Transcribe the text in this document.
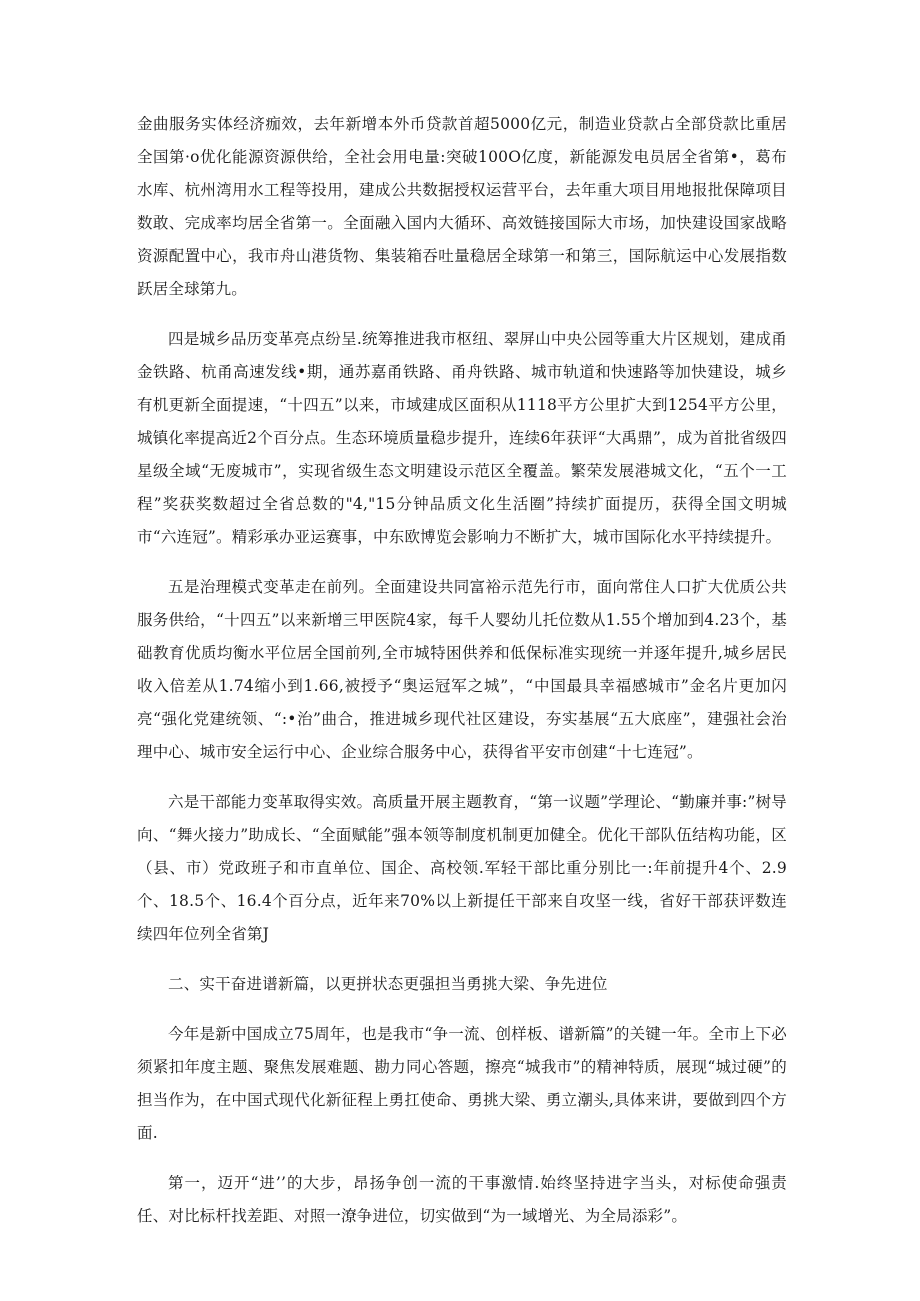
金曲服务实体经济痂效，去年新增本外币贷款首超5000亿元，制造业贷款占全部贷款比重居全国第·o优化能源资源供给，全社会用电量:突破100O亿度，新能源发电员居全省第•，葛布水库、杭州湾用水工程等投用，建成公共数据授权运营平台，去年重大项目用地报批保障项目数敢、完成率均居全省第一。全面融入国内大循环、高效链接国际大市场，加快建设国家战略资源配置中心，我市舟山港货物、集装箱吞吐量稳居全球第一和第三，国际航运中心发展指数跃居全球第九。

四是城乡品历变革亮点纷呈.统筹推进我市枢纽、翠屏山中央公园等重大片区规划，建成甬金铁路、杭甬高速发线•期，通苏嘉甬铁路、甬舟铁路、城市轨道和快速路等加快建设，城乡有机更新全面提速，“十四五”以来，市域建成区面积从1118平方公里扩大到1254平方公里，城镇化率提高近2个百分点。生态环境质量稳步提升，连续6年获评“大禹鼎”，成为首批省级四星级全域“无废城市”，实现省级生态文明建设示范区全覆盖。繁荣发展港城文化，“五个一工程”奖获奖数超过全省总数的"4,"15分钟品质文化生活圈”持续扩面提历，获得全国文明城市“六连冠”。精彩承办亚运赛事，中东欧博览会影响力不断扩大，城市国际化水平持续提升。

五是治理模式变革走在前列。全面建设共同富裕示范先行市，面向常住人口扩大优质公共服务供给，“十四五”以来新增三甲医院4家，每千人婴幼儿托位数从1.55个增加到4.23个，基础教育优质均衡水平位居全国前列,全市城特困供养和低保标准实现统一并逐年提升,城乡居民收入倍差从1.74缩小到1.66,被授予“奥运冠军之城”，“中国最具幸福感城市”金名片更加闪亮“强化党建统领、“:•治”曲合，推进城乡现代社区建设，夯实基展“五大底座”，建强社会治理中心、城市安全运行中心、企业综合服务中心，获得省平安市创建“十七连冠”。

六是干部能力变革取得实效。高质量开展主题教育，“第一议题”学理论、“勤廉并事:”树导向、“舞火接力”助成长、“全面赋能”强本领等制度机制更加健全。优化干部队伍结构功能，区（县、市）党政班子和市直单位、国企、高校领.军轻干部比重分别比一:年前提升4个、2.9个、18.5个、16.4个百分点，近年来70%以上新提任干部来自攻坚一线，省好干部获评数连续四年位列全省第J

二、实干奋进谱新篇，以更拼状态更强担当勇挑大梁、争先进位

今年是新中国成立75周年，也是我市“争一流、创样板、谱新篇”的关键一年。全市上下必须紧扣年度主题、聚焦发展难题、勘力同心答题，擦亮“城我市”的精神特质，展现“城过硬”的担当作为，在中国式现代化新征程上勇扛使命、勇挑大梁、勇立潮头,具体来讲，要做到四个方面.

第一，迈开“进’’的大步，昂扬争创一流的干事激情.始终坚持进字当头，对标使命强责任、对比标杆找差距、对照一潦争进位，切实做到“为一域增光、为全局添彩”。
